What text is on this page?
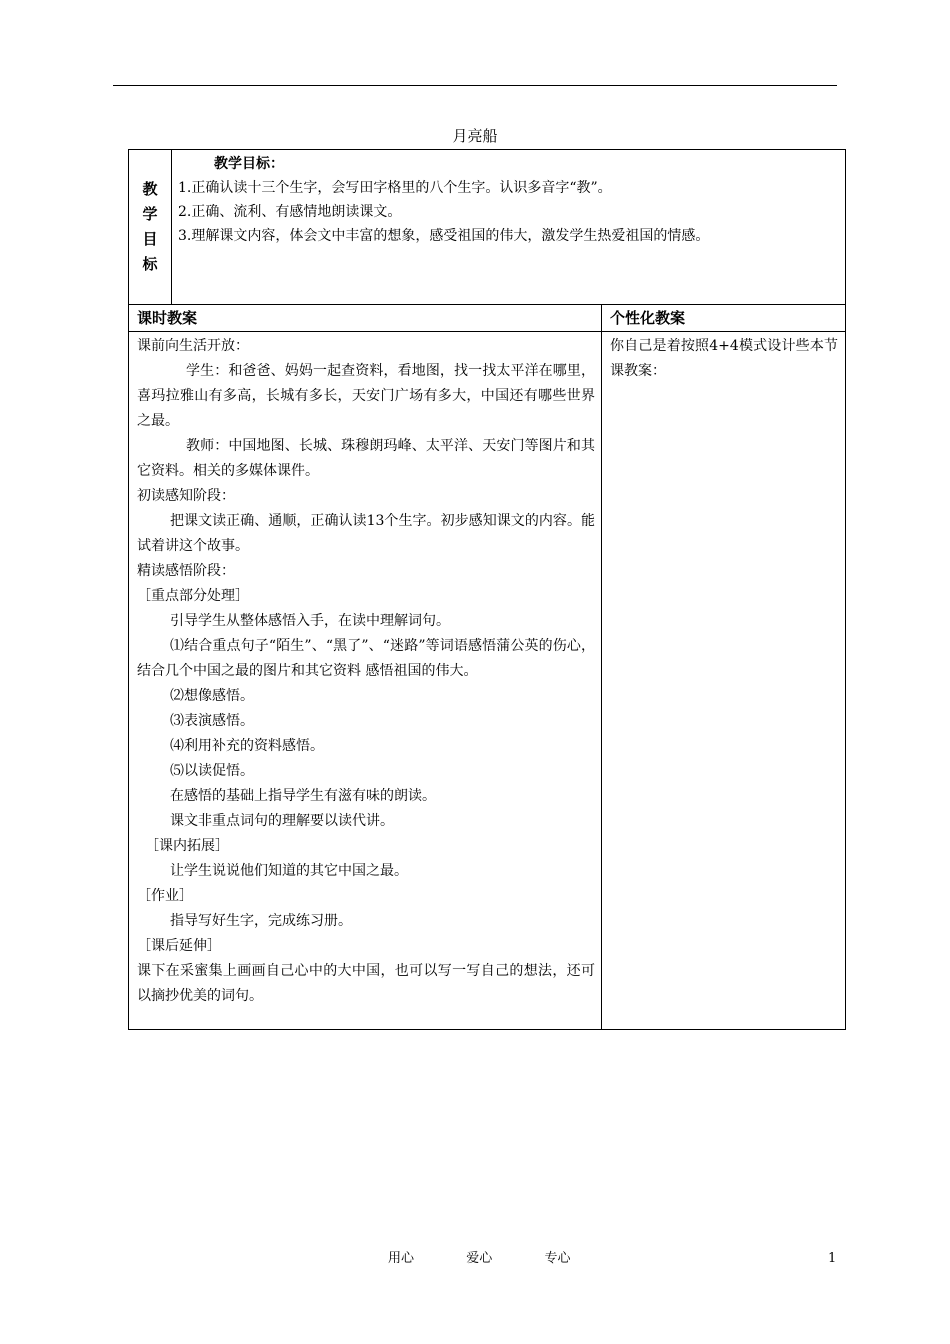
月亮船
教
学
目
标
教学目标：
1.正确认读十三个生字，会写田字格里的八个生字。认识多音字“教”。
2.正确、流利、有感情地朗读课文。
3.理解课文内容，体会文中丰富的想象，感受祖国的伟大，激发学生热爱祖国的情感。
课时教案	个性化教案

课前向生活开放：

学生：和爸爸、妈妈一起查资料，看地图，找一找太平洋在哪里，喜玛拉雅山有多高，长城有多长，天安门广场有多大，中国还有哪些世界之最。

教师：中国地图、长城、珠穆朗玛峰、太平洋、天安门等图片和其它资料。相关的多媒体课件。

初读感知阶段：

把课文读正确、通顺，正确认读13个生字。初步感知课文的内容。能试着讲这个故事。

精读感悟阶段：

［重点部分处理］

引导学生从整体感悟入手，在读中理解词句。

⑴结合重点句子“陌生”、“黑了”、“迷路”等词语感悟蒲公英的伤心，结合几个中国之最的图片和其它资料 感悟祖国的伟大。

⑵想像感悟。

⑶表演感悟。

⑷利用补充的资料感悟。

⑸以读促悟。

在感悟的基础上指导学生有滋有味的朗读。

课文非重点词句的理解要以读代讲。

［课内拓展］

让学生说说他们知道的其它中国之最。

［作业］

指导写好生字，完成练习册。

［课后延伸］

课下在采蜜集上画画自己心中的大中国，也可以写一写自己的想法，还可以摘抄优美的词句。

你自己是着按照4+4模式设计些本节课教案：
用心  爱心  专心	1
